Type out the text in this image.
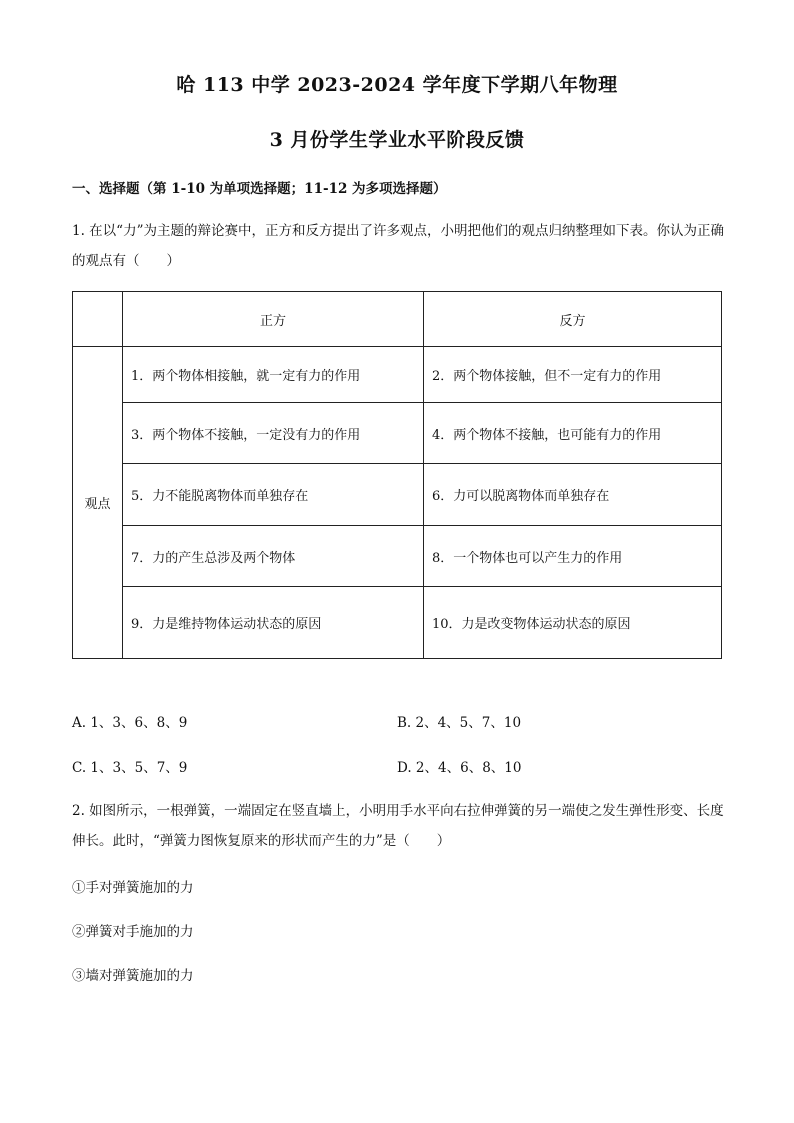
哈 113 中学 2023-2024 学年度下学期八年物理
3 月份学生学业水平阶段反馈
一、选择题（第 1-10 为单项选择题；11-12 为多项选择题）
1. 在以“力”为主题的辩论赛中，正方和反方提出了许多观点，小明把他们的观点归纳整理如下表。你认为正确的观点有（　　）
	正方	反方
观点	1．两个物体相接触，就一定有力的作用	2．两个物体接触，但不一定有力的作用
	3．两个物体不接触，一定没有力的作用	4．两个物体不接触，也可能有力的作用
	5．力不能脱离物体而单独存在	6．力可以脱离物体而单独存在
	7．力的产生总涉及两个物体	8．一个物体也可以产生力的作用
	9．力是维持物体运动状态的原因	10．力是改变物体运动状态的原因
A. 1、3、6、8、9	B. 2、4、5、7、10
C. 1、3、5、7、9	D. 2、4、6、8、10
2. 如图所示，一根弹簧，一端固定在竖直墙上，小明用手水平向右拉伸弹簧的另一端使之发生弹性形变、长度伸长。此时，“弹簧力图恢复原来的形状而产生的力”是（　　）
①手对弹簧施加的力
②弹簧对手施加的力
③墙对弹簧施加的力
